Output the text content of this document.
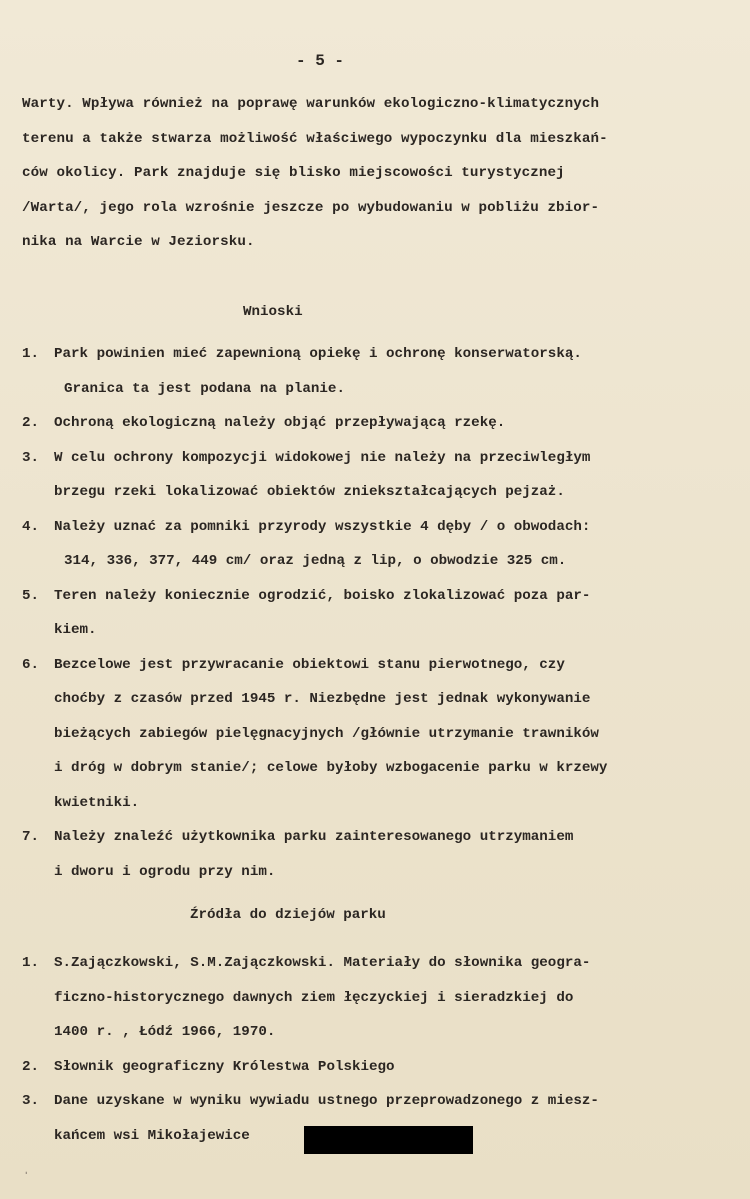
- 5 -
Warty. Wpływa również na poprawę warunków ekologiczno-klimatycznych
terenu a także stwarza możliwość właściwego wypoczynku dla mieszkań-
ców okolicy. Park znajduje się blisko miejscowości turystycznej
/Warta/, jego rola wzrośnie jeszcze po wybudowaniu w pobliżu zbior-
nika na Warcie w Jeziorsku.
Wnioski
1.	Park powinien mieć zapewnioną opiekę i ochronę konserwatorską.
Granica ta jest podana na planie.
2.	Ochroną ekologiczną należy objąć przepływającą rzekę.
3.	W celu ochrony kompozycji widokowej nie należy na przeciwległym
brzegu rzeki lokalizować obiektów zniekształcających pejzaż.
4.	Należy uznać za pomniki przyrody wszystkie 4 dęby / o obwodach:
314, 336, 377, 449 cm/ oraz jedną z lip, o obwodzie 325 cm.
5.	Teren należy koniecznie ogrodzić, boisko zlokalizować poza par-
kiem.
6.	Bezcelowe jest przywracanie obiektowi stanu pierwotnego, czy
choćby z czasów przed 1945 r. Niezbędne jest jednak wykonywanie
bieżących zabiegów pielęgnacyjnych /głównie utrzymanie trawników
i dróg w dobrym stanie/; celowe byłoby wzbogacenie parku w krzewy
kwietniki.
7.	Należy znaleźć użytkownika parku zainteresowanego utrzymaniem
i dworu i ogrodu przy nim.
Źródła do dziejów parku
1.	S.Zajączkowski, S.M.Zajączkowski. Materiały do słownika geogra-
ficzno-historycznego dawnych ziem łęczyckiej i sieradzkiej do
1400 r. , Łódź 1966, 1970.
2.	Słownik geograficzny Królestwa Polskiego
3.	Dane uzyskane w wyniku wywiadu ustnego przeprowadzonego z miesz-
kańcem wsi Mikołajewice
ˌ
